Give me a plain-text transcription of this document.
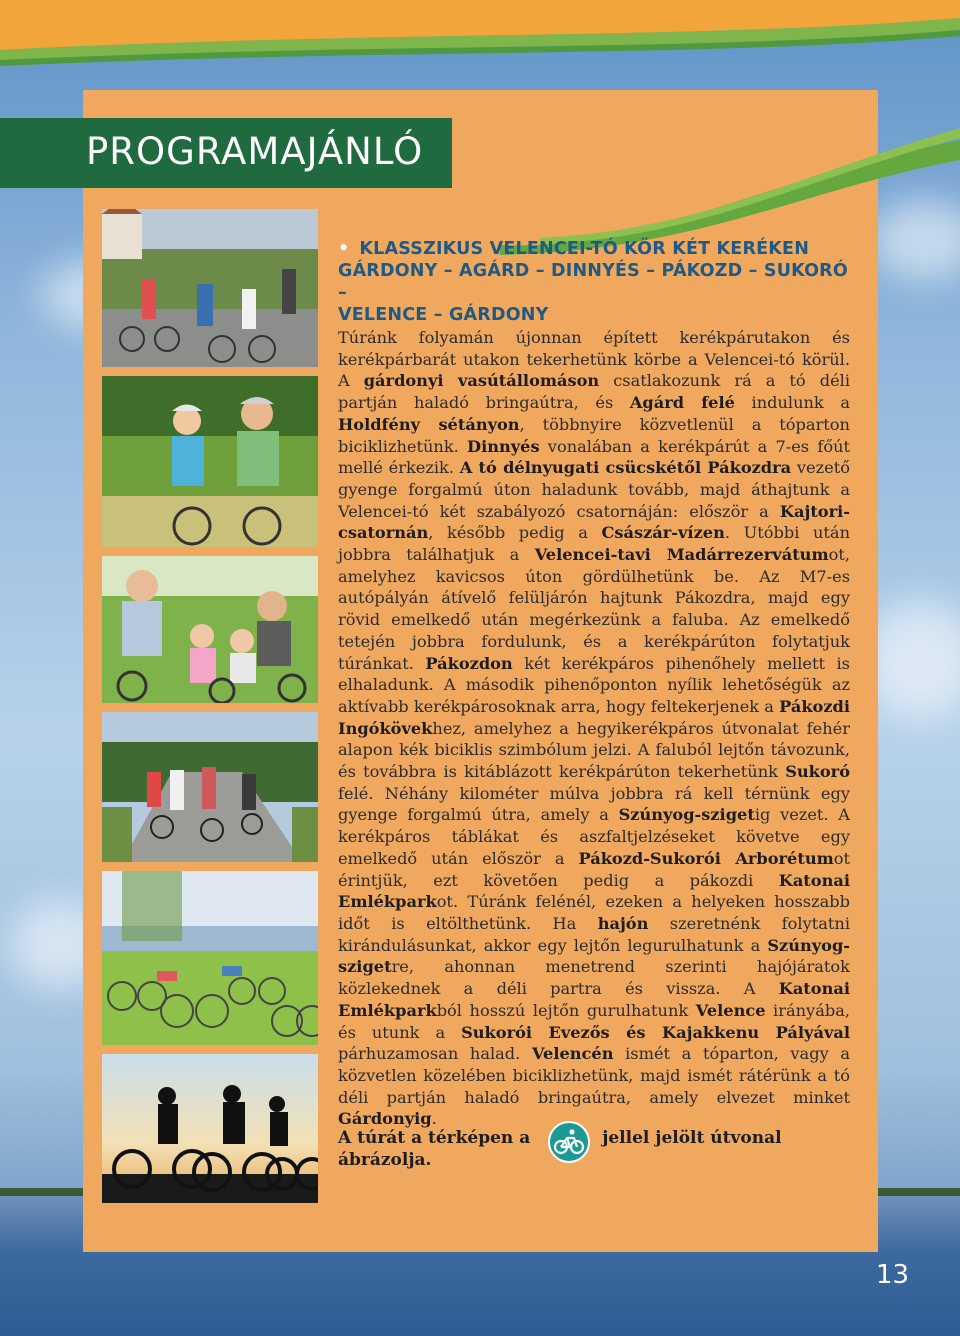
PROGRAMAJÁNLÓ
• KLASSZIKUS VELENCEI-TÓ KÖR KÉT KERÉKEN
GÁRDONY – AGÁRD – DINNYÉS – PÁKOZD – SUKORÓ –
VELENCE – GÁRDONY
Túránk folyamán újonnan épített kerékpárutakon és kerékpárbarát utakon tekerhetünk körbe a Velencei-tó körül. A gárdonyi vasútállomáson csatlakozunk rá a tó déli partján haladó bringaútra, és Agárd felé indulunk a Holdfény sétányon, többnyire közvetlenül a tóparton biciklizhetünk. Dinnyés vonalában a kerékpárút a 7-es főút mellé érkezik. A tó délnyugati csücskétől Pákozdra vezető gyenge forgalmú úton haladunk tovább, majd áthajtunk a Velencei-tó két szabályozó csatornáján: először a Kajtori-csatornán, később pedig a Császár-vízen. Utóbbi után jobbra találhatjuk a Velencei-tavi Madárrezervátumot, amelyhez kavicsos úton gördülhetünk be. Az M7-es autópályán átívelő felüljárón hajtunk Pákozdra, majd egy rövid emelkedő után megérkezünk a faluba. Az emelkedő tetején jobbra fordulunk, és a kerékpárúton folytatjuk túránkat. Pákozdon két kerékpáros pihenőhely mellett is elhaladunk. A második pihenőponton nyílik lehetőségük az aktívabb kerékpárosoknak arra, hogy feltekerjenek a Pákozdi Ingókövekhez, amelyhez a hegyikerékpáros útvonalat fehér alapon kék biciklis szimbólum jelzi. A faluból lejtőn távozunk, és továbbra is kitáblázott kerékpárúton tekerhetünk Sukoró felé. Néhány kilométer múlva jobbra rá kell térnünk egy gyenge forgalmú útra, amely a Szúnyog-szigetig vezet. A kerékpáros táblákat és aszfaltjelzéseket követve egy emelkedő után először a Pákozd-Sukorói Arborétumot érintjük, ezt követően pedig a pákozdi Katonai Emlékparkot. Túránk felénél, ezeken a helyeken hosszabb időt is eltölthetünk. Ha hajón szeretnénk folytatni kirándulásunkat, akkor egy lejtőn legurulhatunk a Szúnyog-szigetre, ahonnan menetrend szerinti hajójáratok közlekednek a déli partra és vissza. A Katonai Emlékparkból hosszú lejtőn gurulhatunk Velence irányába, és utunk a Sukorói Evezős és Kajakkenu Pályával párhuzamosan halad. Velencén ismét a tóparton, vagy a közvetlen közelében biciklizhetünk, majd ismét rátérünk a tó déli partján haladó bringaútra, amely elvezet minket Gárdonyig.
A túrát a térképen a	jellel jelölt útvonal ábrázolja.
13
